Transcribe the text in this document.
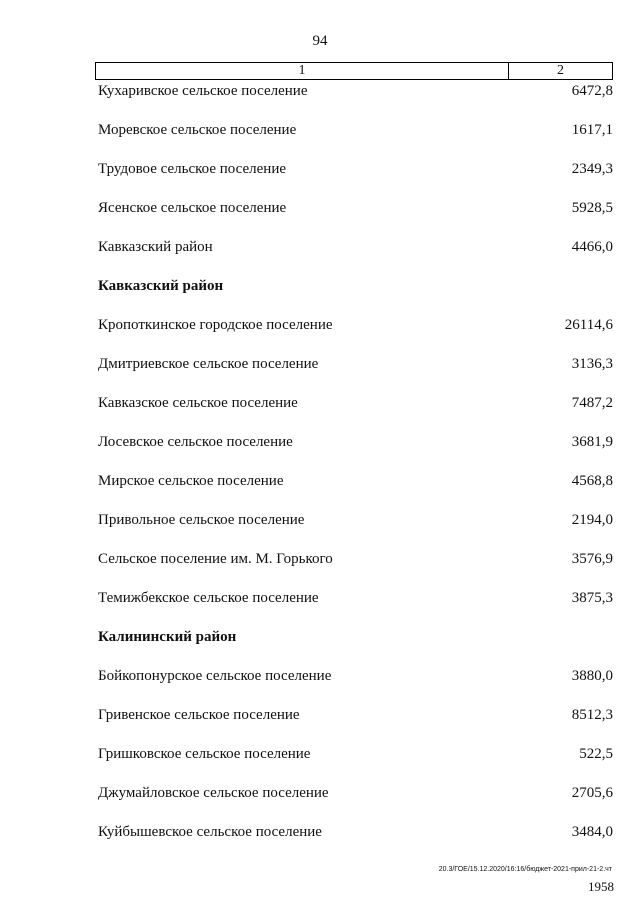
94
1	2
Кухаривское сельское поселение	6472,8
Моревское сельское поселение	1617,1
Трудовое сельское поселение	2349,3
Ясенское сельское поселение	5928,5
Кавказский район	4466,0
Кавказский район
Кропоткинское городское поселение	26114,6
Дмитриевское сельское поселение	3136,3
Кавказское сельское поселение	7487,2
Лосевское сельское поселение	3681,9
Мирское сельское поселение	4568,8
Привольное сельское поселение	2194,0
Сельское поселение им. М. Горького	3576,9
Темижбекское сельское поселение	3875,3
Калининский район
Бойкопонурское сельское поселение	3880,0
Гривенское сельское поселение	8512,3
Гришковское сельское поселение	522,5
Джумайловское сельское поселение	2705,6
Куйбышевское сельское поселение	3484,0
20.3/ГОЕ/15.12.2020/16:16/бюджет-2021-прил-21-2.чт
1958
